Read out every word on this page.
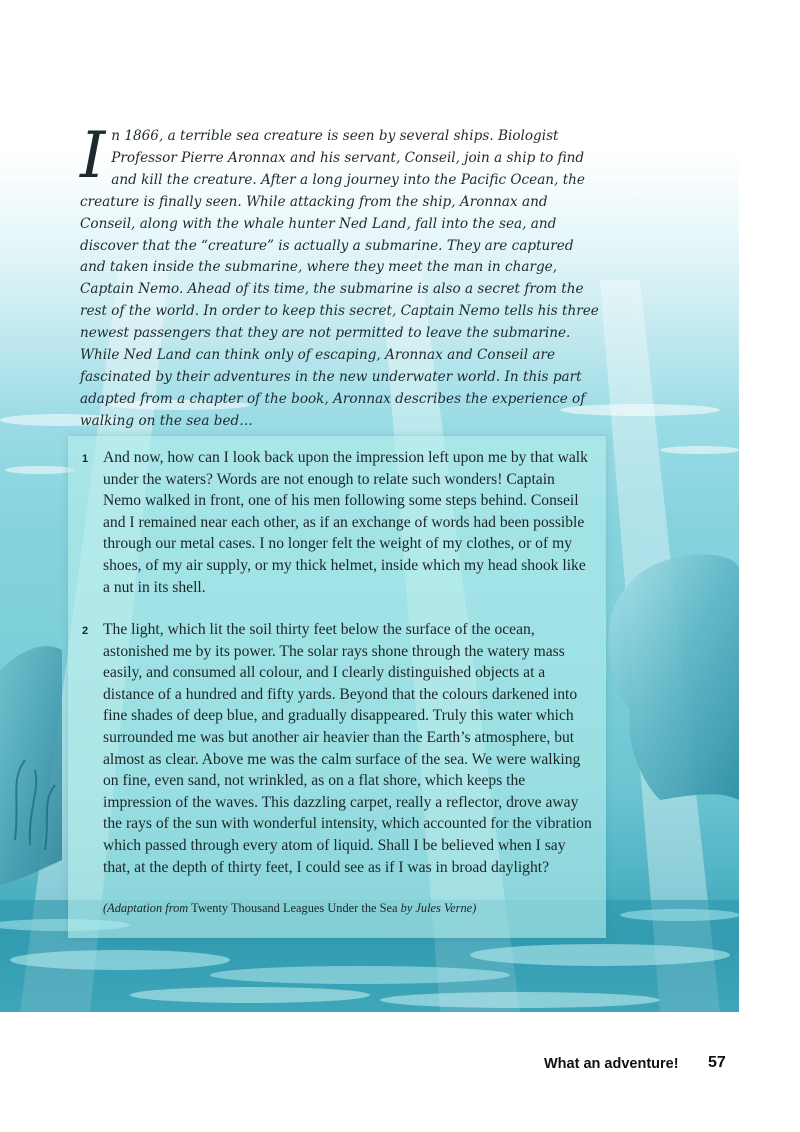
In 1866, a terrible sea creature is seen by several ships. Biologist Professor Pierre Aronnax and his servant, Conseil, join a ship to find and kill the creature. After a long journey into the Pacific Ocean, the creature is finally seen. While attacking from the ship, Aronnax and Conseil, along with the whale hunter Ned Land, fall into the sea, and discover that the “creature” is actually a submarine. They are captured and taken inside the submarine, where they meet the man in charge, Captain Nemo. Ahead of its time, the submarine is also a secret from the rest of the world. In order to keep this secret, Captain Nemo tells his three newest passengers that they are not permitted to leave the submarine. While Ned Land can think only of escaping, Aronnax and Conseil are fascinated by their adventures in the new underwater world. In this part adapted from a chapter of the book, Aronnax describes the experience of walking on the sea bed…
1 And now, how can I look back upon the impression left upon me by that walk under the waters? Words are not enough to relate such wonders! Captain Nemo walked in front, one of his men following some steps behind. Conseil and I remained near each other, as if an exchange of words had been possible through our metal cases. I no longer felt the weight of my clothes, or of my shoes, of my air supply, or my thick helmet, inside which my head shook like a nut in its shell.
2 The light, which lit the soil thirty feet below the surface of the ocean, astonished me by its power. The solar rays shone through the watery mass easily, and consumed all colour, and I clearly distinguished objects at a distance of a hundred and fifty yards. Beyond that the colours darkened into fine shades of deep blue, and gradually disappeared. Truly this water which surrounded me was but another air heavier than the Earth’s atmosphere, but almost as clear. Above me was the calm surface of the sea. We were walking on fine, even sand, not wrinkled, as on a flat shore, which keeps the impression of the waves. This dazzling carpet, really a reflector, drove away the rays of the sun with wonderful intensity, which accounted for the vibration which passed through every atom of liquid. Shall I be believed when I say that, at the depth of thirty feet, I could see as if I was in broad daylight?
(Adaptation from Twenty Thousand Leagues Under the Sea by Jules Verne)
What an adventure! 57
